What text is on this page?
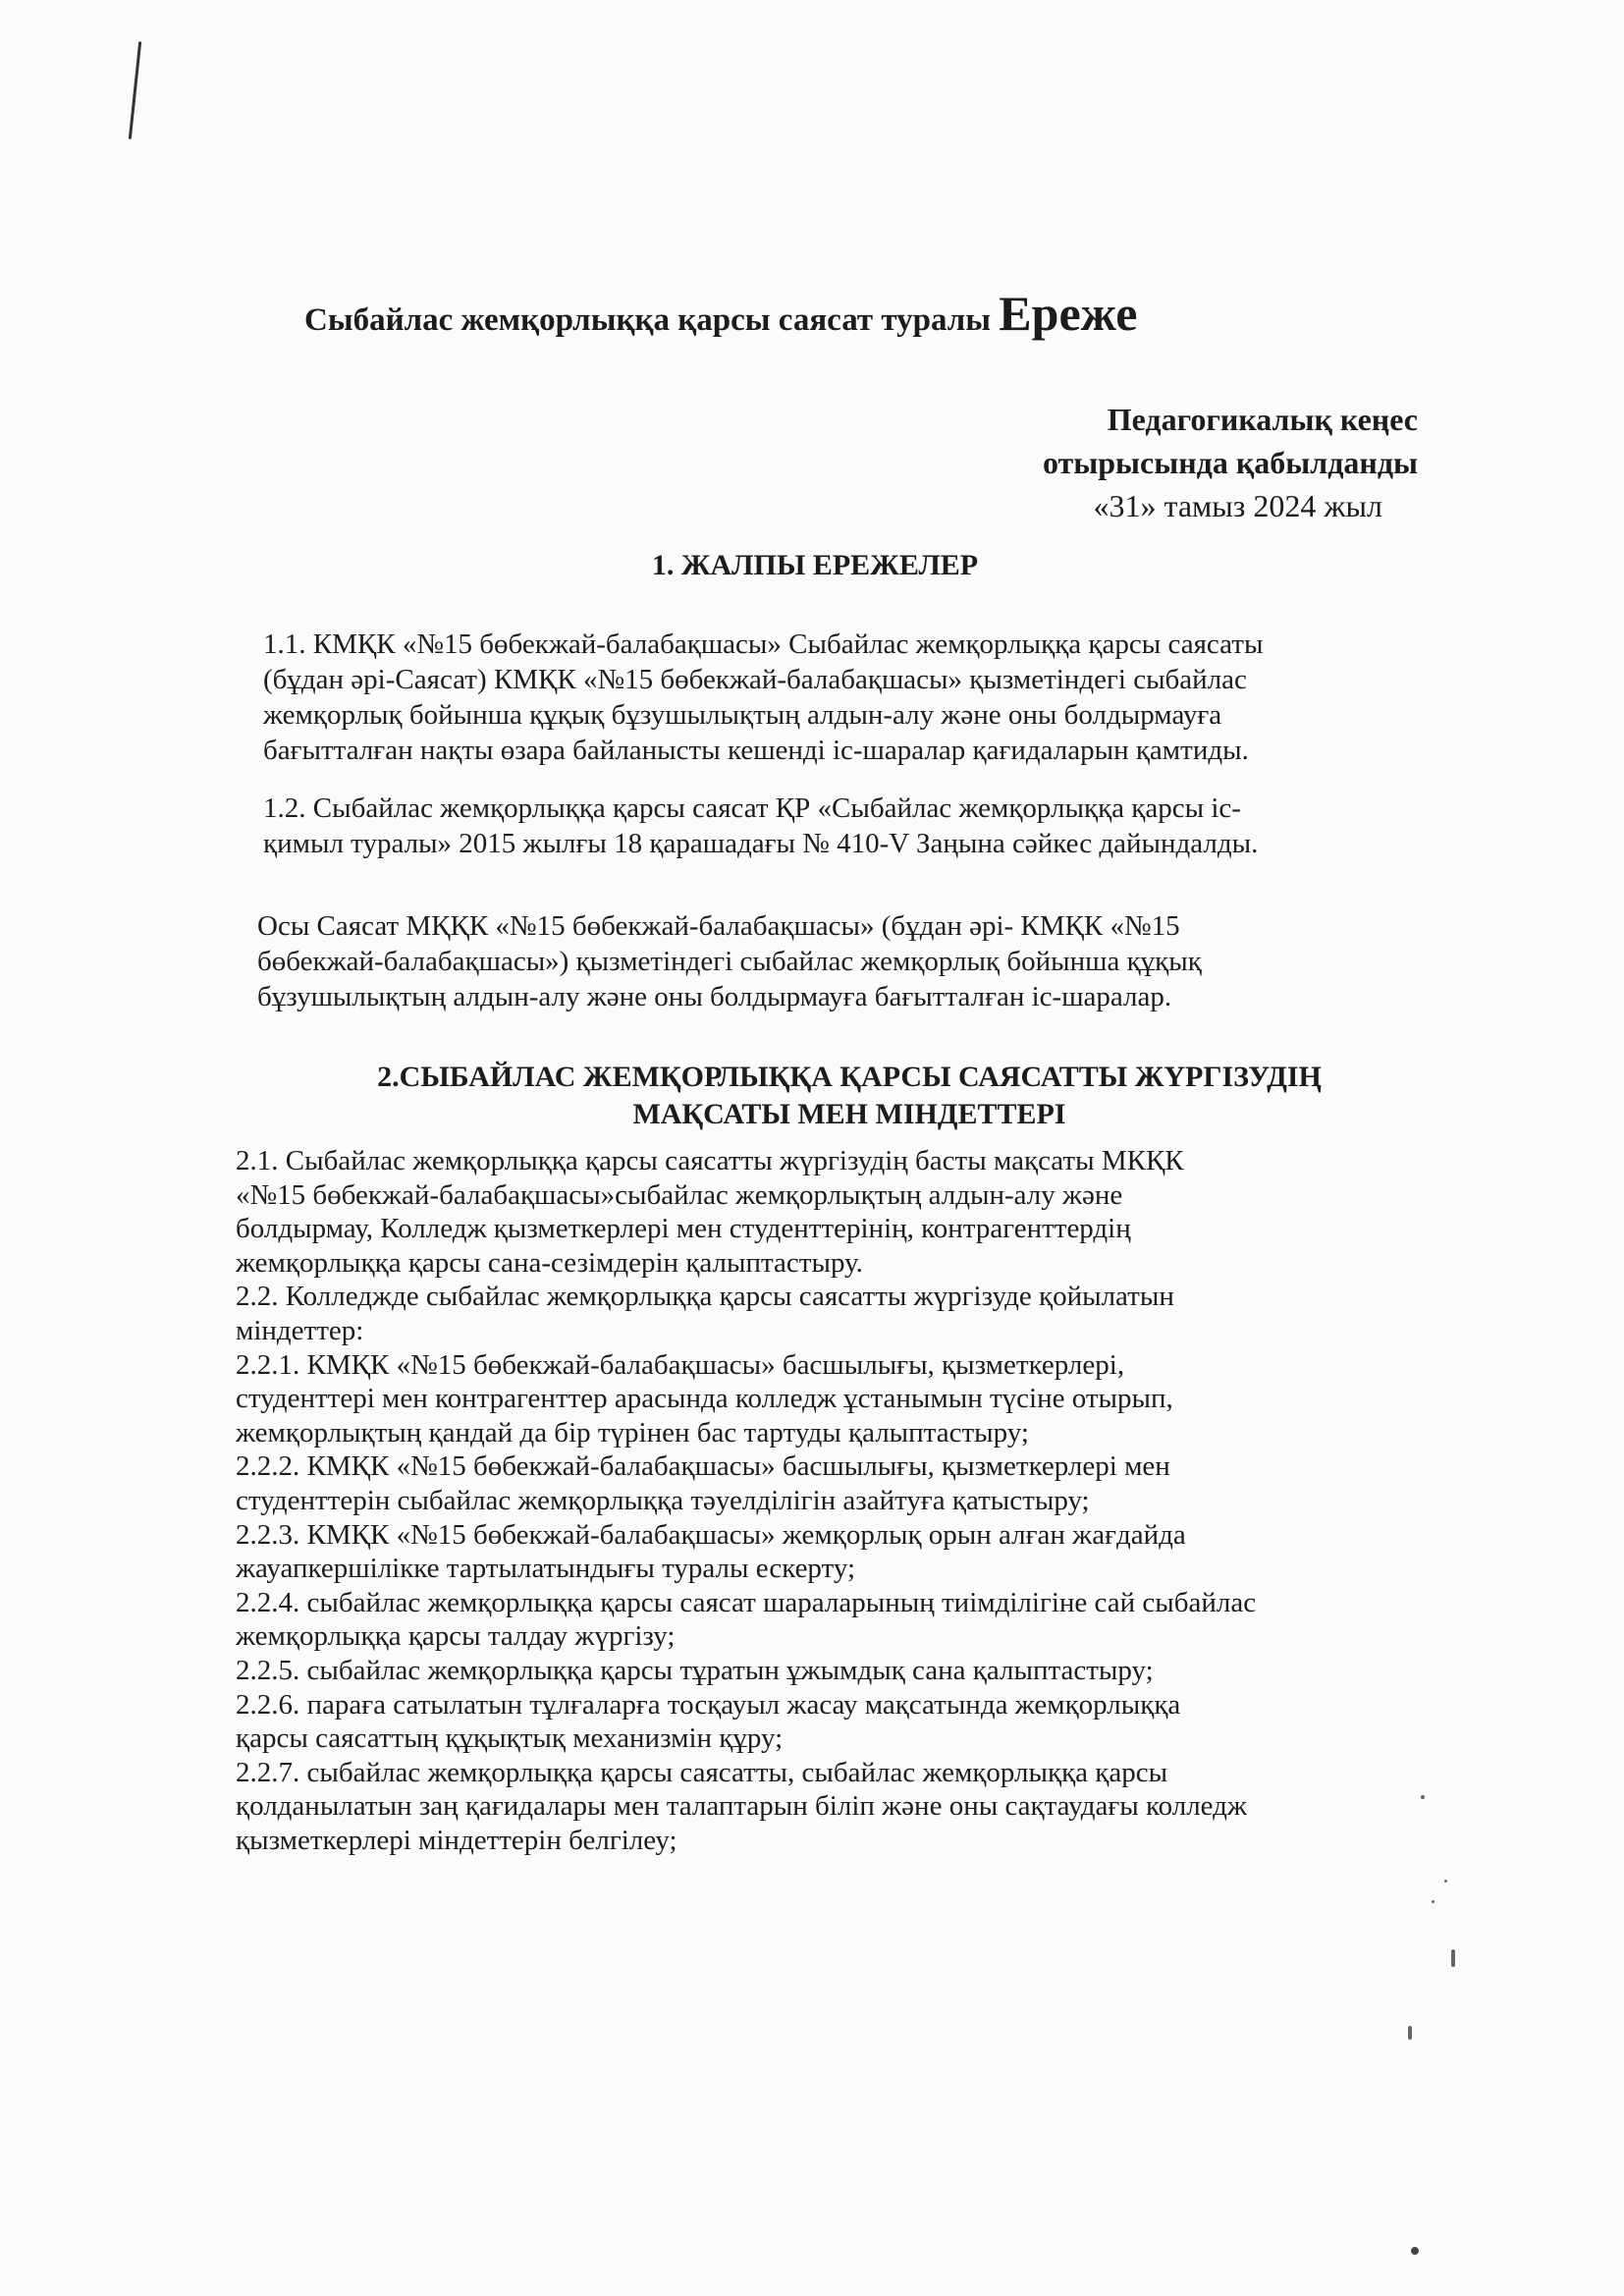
Сыбайлас жемқорлыққа қарсы саясат туралы Ереже
Педагогикалық кеңес
отырысында қабылданды
«31» тамыз 2024 жыл
1. ЖАЛПЫ ЕРЕЖЕЛЕР
1.1. КМҚК «№15 бөбекжай-балабақшасы» Сыбайлас жемқорлыққа қарсы саясаты
(бұдан әрі-Саясат) КМҚК «№15 бөбекжай-балабақшасы» қызметіндегі сыбайлас
жемқорлық бойынша құқық бұзушылықтың алдын-алу және оны болдырмауға
бағытталған нақты өзара байланысты кешенді іс-шаралар қағидаларын қамтиды.
1.2. Сыбайлас жемқорлыққа қарсы саясат ҚР «Сыбайлас жемқорлыққа қарсы іс-
қимыл туралы» 2015 жылғы 18 қарашадағы № 410-V Заңына сәйкес дайындалды.
Осы Саясат МҚҚК «№15 бөбекжай-балабақшасы» (бұдан әрі- КМҚК «№15
бөбекжай-балабақшасы») қызметіндегі сыбайлас жемқорлық бойынша құқық
бұзушылықтың алдын-алу және оны болдырмауға бағытталған іс-шаралар.
2.СЫБАЙЛАС ЖЕМҚОРЛЫҚҚА ҚАРСЫ САЯСАТТЫ ЖҮРГІЗУДІҢ
МАҚСАТЫ МЕН МІНДЕТТЕРІ
2.1. Сыбайлас жемқорлыққа қарсы саясатты жүргізудің басты мақсаты МКҚК
«№15 бөбекжай-балабақшасы»сыбайлас жемқорлықтың алдын-алу және
болдырмау, Колледж қызметкерлері мен студенттерінің, контрагенттердің
жемқорлыққа қарсы сана-сезімдерін қалыптастыру.
2.2. Колледжде сыбайлас жемқорлыққа қарсы саясатты жүргізуде қойылатын
міндеттер:
2.2.1. КМҚК «№15 бөбекжай-балабақшасы» басшылығы, қызметкерлері,
студенттері мен контрагенттер арасында колледж ұстанымын түсіне отырып,
жемқорлықтың қандай да бір түрінен бас тартуды қалыптастыру;
2.2.2. КМҚК «№15 бөбекжай-балабақшасы» басшылығы, қызметкерлері мен
студенттерін сыбайлас жемқорлыққа тәуелділігін азайтуға қатыстыру;
2.2.3. КМҚК «№15 бөбекжай-балабақшасы» жемқорлық орын алған жағдайда
жауапкершілікке тартылатындығы туралы ескерту;
2.2.4. сыбайлас жемқорлыққа қарсы саясат шараларының тиімділігіне сай сыбайлас
жемқорлыққа қарсы талдау жүргізу;
2.2.5. сыбайлас жемқорлыққа қарсы тұратын ұжымдық сана қалыптастыру;
2.2.6. параға сатылатын тұлғаларға тосқауыл жасау мақсатында жемқорлыққа
қарсы саясаттың құқықтық механизмін құру;
2.2.7. сыбайлас жемқорлыққа қарсы саясатты, сыбайлас жемқорлыққа қарсы
қолданылатын заң қағидалары мен талаптарын біліп және оны сақтаудағы колледж
қызметкерлері міндеттерін белгілеу;
